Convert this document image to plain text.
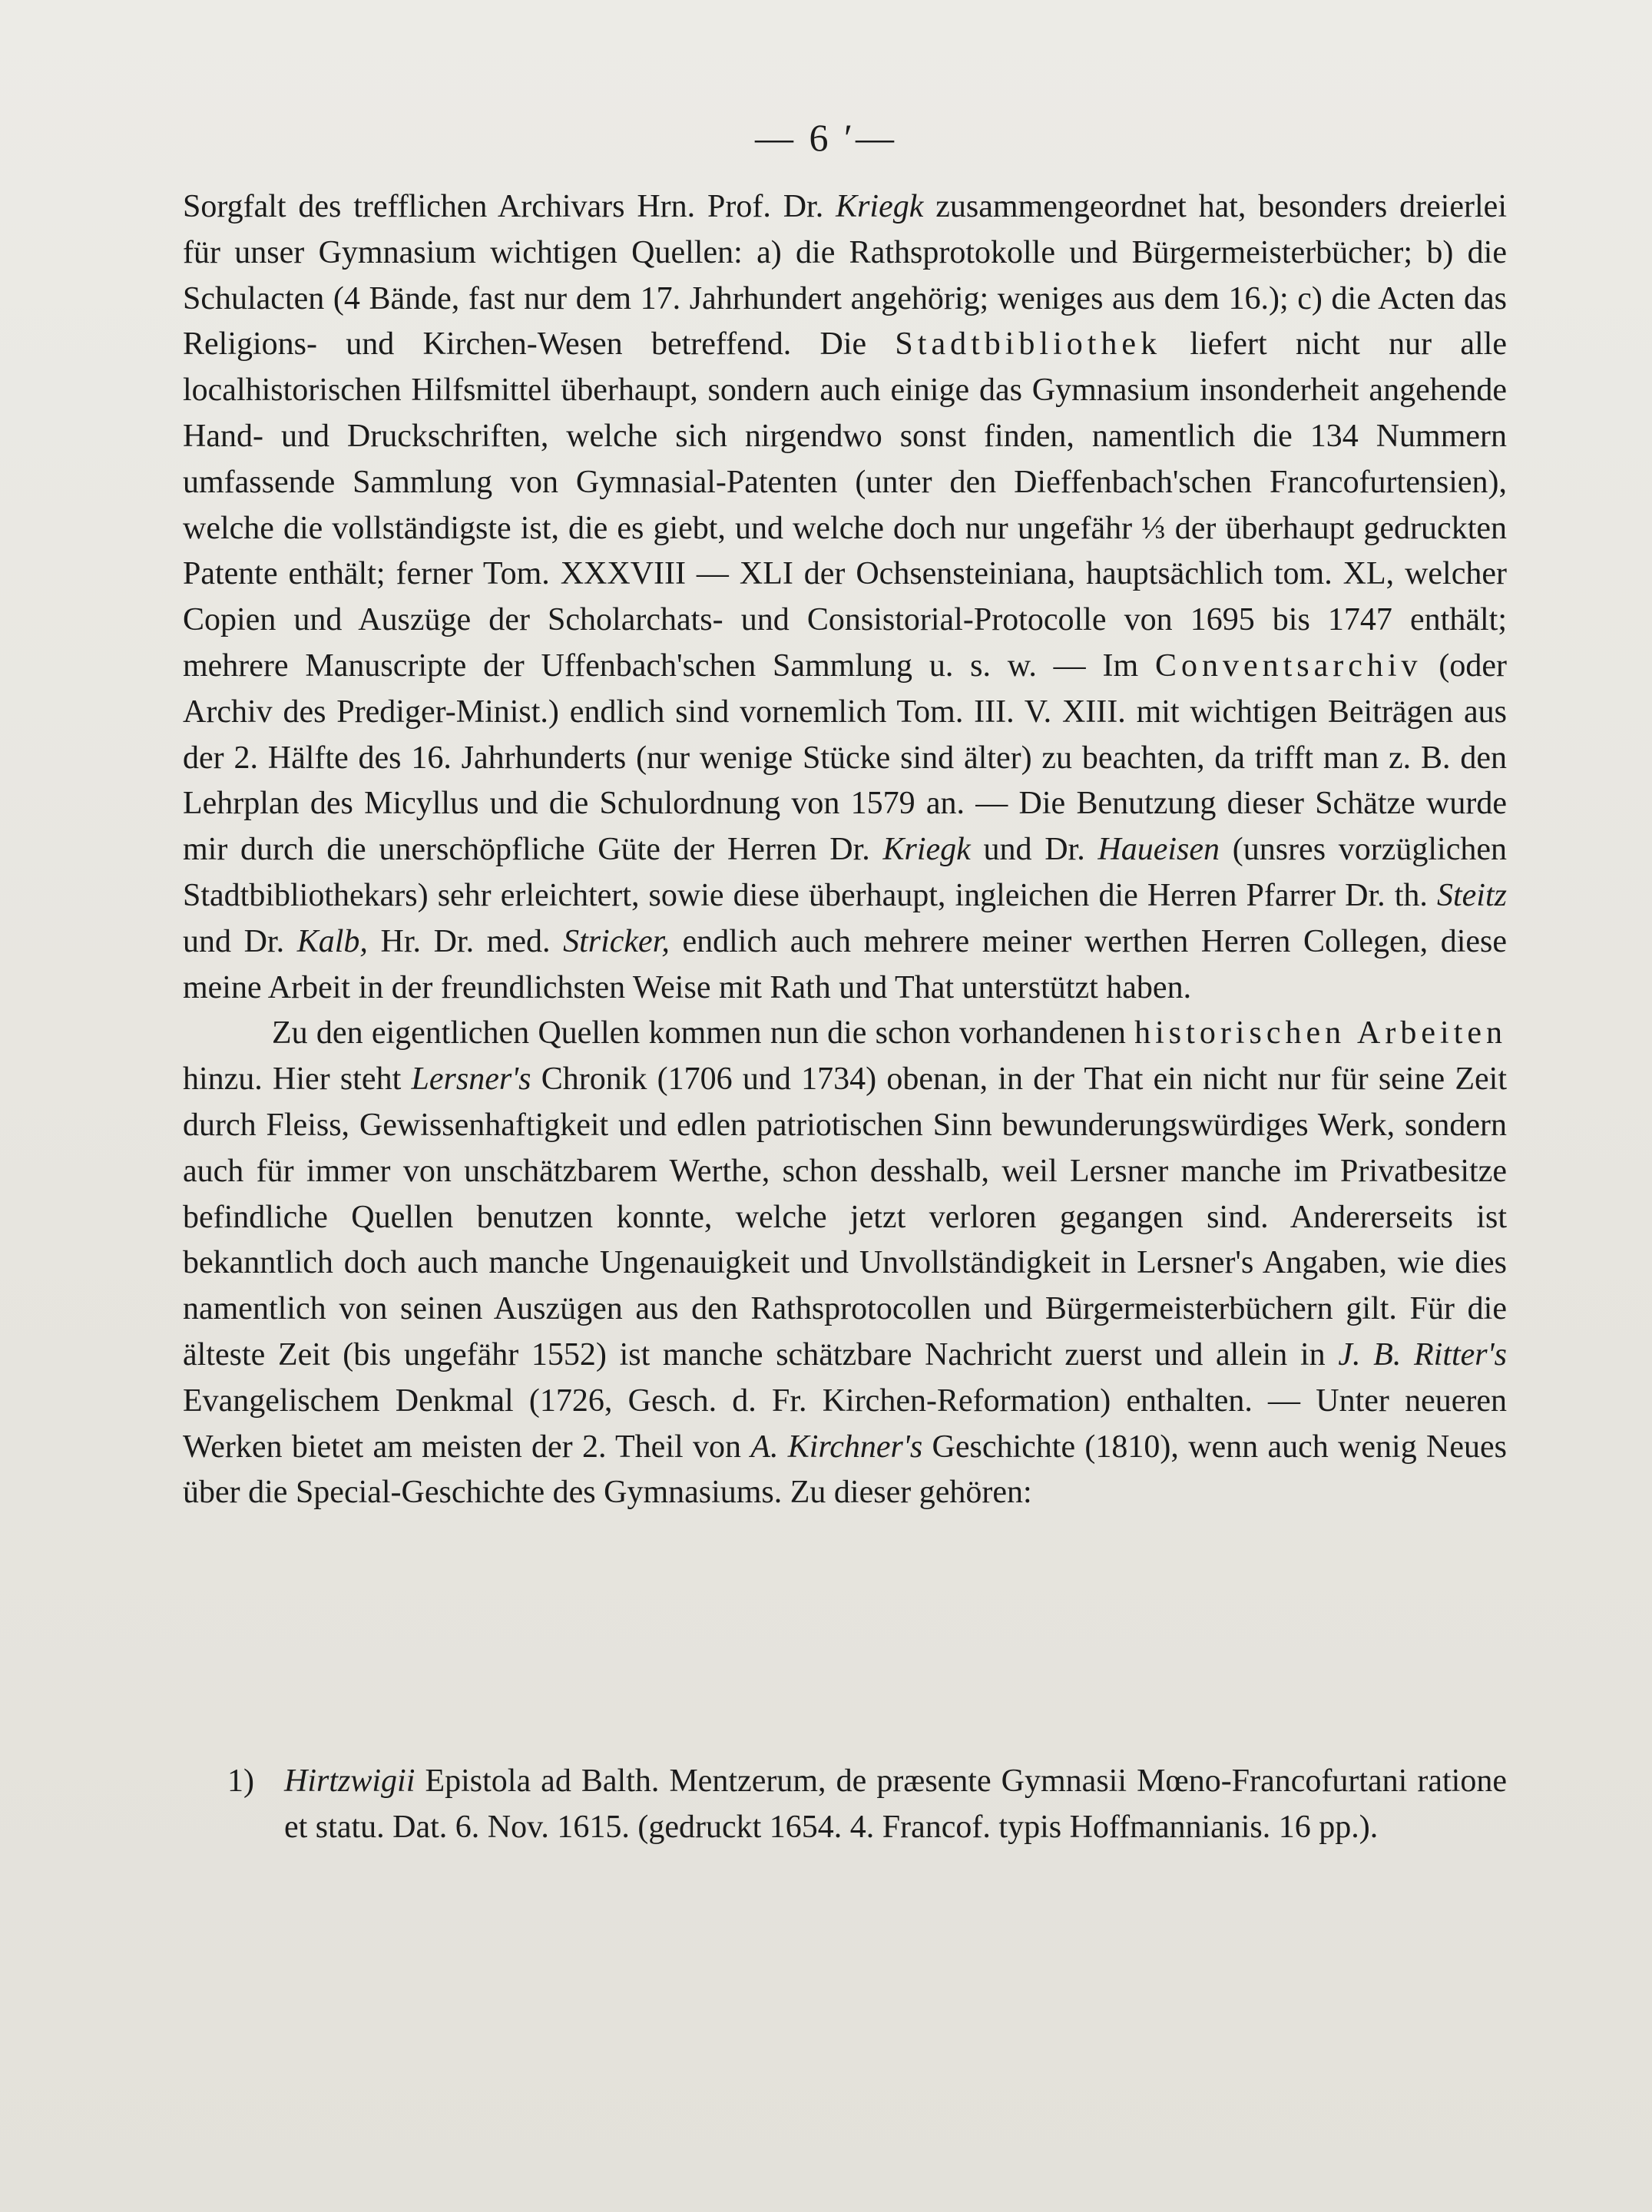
— 6 ′—

Sorgfalt des trefflichen Archivars Hrn. Prof. Dr. Kriegk zusammengeordnet hat, besonders dreierlei für unser Gymnasium wichtigen Quellen: a) die Rathsprotokolle und Bürgermeisterbücher; b) die Schulacten (4 Bände, fast nur dem 17. Jahrhundert angehörig; weniges aus dem 16.); c) die Acten das Religions- und Kirchen-Wesen betreffend. Die Stadtbibliothek liefert nicht nur alle localhistorischen Hilfsmittel überhaupt, sondern auch einige das Gymnasium insonderheit angehende Hand- und Druckschriften, welche sich nirgendwo sonst finden, namentlich die 134 Nummern umfassende Sammlung von Gymnasial-Patenten (unter den Dieffenbach'schen Francofurtensien), welche die vollständigste ist, die es giebt, und welche doch nur ungefähr ⅓ der überhaupt gedruckten Patente enthält; ferner Tom. XXXVIII — XLI der Ochsensteiniana, hauptsächlich tom. XL, welcher Copien und Auszüge der Scholarchats- und Consistorial-Protocolle von 1695 bis 1747 enthält; mehrere Manuscripte der Uffenbach'schen Sammlung u. s. w. — Im Conventsarchiv (oder Archiv des Prediger-Minist.) endlich sind vornemlich Tom. III. V. XIII. mit wichtigen Beiträgen aus der 2. Hälfte des 16. Jahrhunderts (nur wenige Stücke sind älter) zu beachten, da trifft man z. B. den Lehrplan des Micyllus und die Schulordnung von 1579 an. — Die Benutzung dieser Schätze wurde mir durch die unerschöpfliche Güte der Herren Dr. Kriegk und Dr. Haueisen (unsres vorzüglichen Stadtbibliothekars) sehr erleichtert, sowie diese überhaupt, ingleichen die Herren Pfarrer Dr. th. Steitz und Dr. Kalb, Hr. Dr. med. Stricker, endlich auch mehrere meiner werthen Herren Collegen, diese meine Arbeit in der freundlichsten Weise mit Rath und That unterstützt haben.

Zu den eigentlichen Quellen kommen nun die schon vorhandenen historischen Arbeiten hinzu. Hier steht Lersner's Chronik (1706 und 1734) obenan, in der That ein nicht nur für seine Zeit durch Fleiss, Gewissenhaftigkeit und edlen patriotischen Sinn bewunderungswürdiges Werk, sondern auch für immer von unschätzbarem Werthe, schon desshalb, weil Lersner manche im Privatbesitze befindliche Quellen benutzen konnte, welche jetzt verloren gegangen sind. Andererseits ist bekanntlich doch auch manche Ungenauigkeit und Unvollständigkeit in Lersner's Angaben, wie dies namentlich von seinen Auszügen aus den Rathsprotocollen und Bürgermeisterbüchern gilt. Für die älteste Zeit (bis ungefähr 1552) ist manche schätzbare Nachricht zuerst und allein in J. B. Ritter's Evangelischem Denkmal (1726, Gesch. d. Fr. Kirchen-Reformation) enthalten. — Unter neueren Werken bietet am meisten der 2. Theil von A. Kirchner's Geschichte (1810), wenn auch wenig Neues über die Special-Geschichte des Gymnasiums. Zu dieser gehören:

1) Hirtzwigii Epistola ad Balth. Mentzerum, de præsente Gymnasii Mœno-Francofurtani ratione et statu. Dat. 6. Nov. 1615. (gedruckt 1654. 4. Francof. typis Hoffmannianis. 16 pp.).
